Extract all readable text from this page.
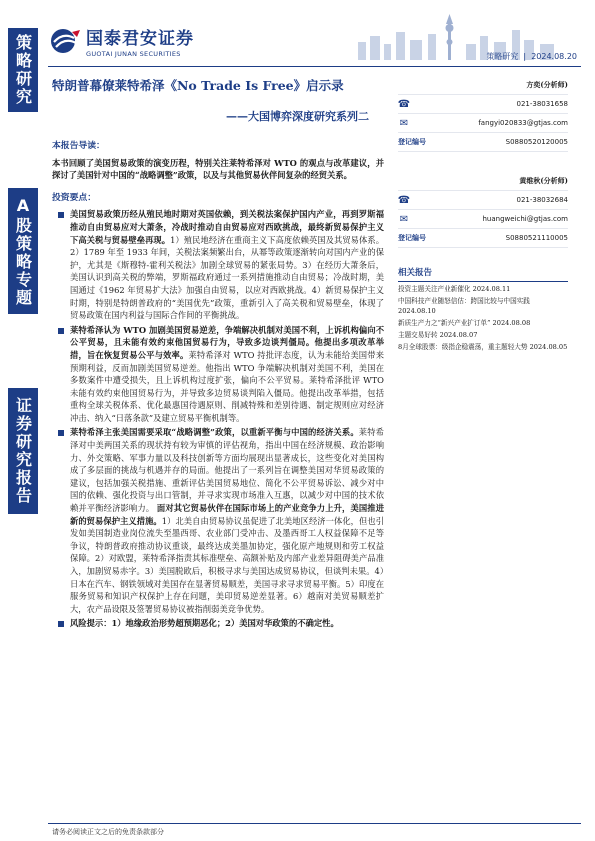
策略研究
A股策略专题
证券研究报告
国泰君安证券
GUOTAI JUNAN SECURITIES	策略研究  |  2024.08.20
特朗普幕僚莱特希泽《No Trade Is Free》启示录
——大国博弈深度研究系列二
本报告导读：
本书回顾了美国贸易政策的演变历程，特别关注莱特希泽对 WTO 的观点与改革建议，并探讨了美国针对中国的“战略调整”政策，以及与其他贸易伙伴间复杂的经贸关系。
投资要点：
美国贸易政策历经从殖民地时期对英国依赖，到关税法案保护国内产业，再到罗斯福推动自由贸易应对大萧条，冷战时推动自由贸易应对西欧挑战，最终新贸易保护主义下高关税与贸易壁垒再现。1）殖民地经济在重商主义下高度依赖英国及其贸易体系。2）1789 年至 1933 年间，关税法案频繁出台，从幂等政策逐渐转向对国内产业的保护，尤其是《斯穆特-霍利关税法》加剧全球贸易的紧张局势。3）在经历大萧条后，美国认识到高关税的弊端，罗斯福政府通过一系列措施推动自由贸易；冷战时期，美国通过《1962 年贸易扩大法》加强自由贸易，以应对西欧挑战。4）新贸易保护主义时期，特别是特朗普政府的“美国优先”政策，重新引入了高关税和贸易壁垒，体现了贸易政策在国内利益与国际合作间的平衡挑战。
莱特希泽认为 WTO 加剧美国贸易逆差，争端解决机制对美国不利，上诉机构偏向不公平贸易，且未能有效约束他国贸易行为，导致多边谈判僵局。他提出多项改革举措，旨在恢复贸易公平与效率。莱特希泽对 WTO 持批评态度，认为未能给美国带来预期利益，反而加剧美国贸易逆差。他指出 WTO 争端解决机制对美国不利，美国在多数案件中遭受损失，且上诉机构过度扩张，偏向不公平贸易。莱特希泽批评 WTO 未能有效约束他国贸易行为，并导致多边贸易谈判陷入僵局。他提出改革举措，包括重构全球关税体系、优化最惠国待遇原则、削减特殊和差别待遇、制定规则应对经济冲击、纳入“日落条款”及建立贸易平衡机制等。
莱特希泽主张美国需要采取“战略调整”政策，以重新平衡与中国的经济关系。莱特希泽对中美两国关系的现状持有较为审慎的评估视角，指出中国在经济规模、政治影响力、外交策略、军事力量以及科技创新等方面均展现出显著成长，这些变化对美国构成了多层面的挑战与机遇并存的局面。他提出了一系列旨在调整美国对华贸易政策的建议，包括加强关税措施、重新评估美国贸易地位、简化不公平贸易诉讼、减少对中国的依赖、强化投资与出口管制，并寻求实现市场准入互惠，以减少对中国的技术依赖并平衡经济影响力。 面对其它贸易伙伴在国际市场上的产业竞争力上升，美国推进新的贸易保护主义措施。1）北美自由贸易协议虽促进了北美地区经济一体化，但也引发如美国制造业岗位流失至墨西哥、农业部门受冲击、及墨西哥工人权益保障不足等争议，特朗普政府推动协议重谈，最终达成美墨加协定，强化原产地规则和劳工权益保障。2）对欧盟，莱特希泽指责其标准壁垒、高额补贴及内部产业差异阻碍美产品准入，加剧贸易赤字。3）美国脱欧后，积极寻求与美国达成贸易协议，但谈判未果。4）日本在汽车、钢铁领域对美国存在显著贸易顺差，美国寻求寻求贸易平衡。5）印度在服务贸易和知识产权保护上存在问题，美印贸易逆差显著。6）越南对美贸易顺差扩大，农产品设限及签署贸易协议被指削弱美竞争优势。
风险提示：1）地缘政治形势超预期恶化；2）美国对华政策的不确定性。
方奕(分析师)
☎	021-38031658
✉	fangyi020833@gtjas.com
登记编号	S0880520120005
黄维秋(分析师)
☎	021-38032684
✉	huangweichi@gtjas.com
登记编号	S0880521110005
相关报告
投资主题关注产业新催化 2024.08.11
中国科技产业随怒信估：跨国比较与中国实践 2024.08.10
新质生产力之“新兴产业扩订单” 2024.08.08
主题交易好转 2024.08.07
8月全球股票：级指企稳震荡，重主题轻大势 2024.08.05
请务必阅读正文之后的免责条款部分
